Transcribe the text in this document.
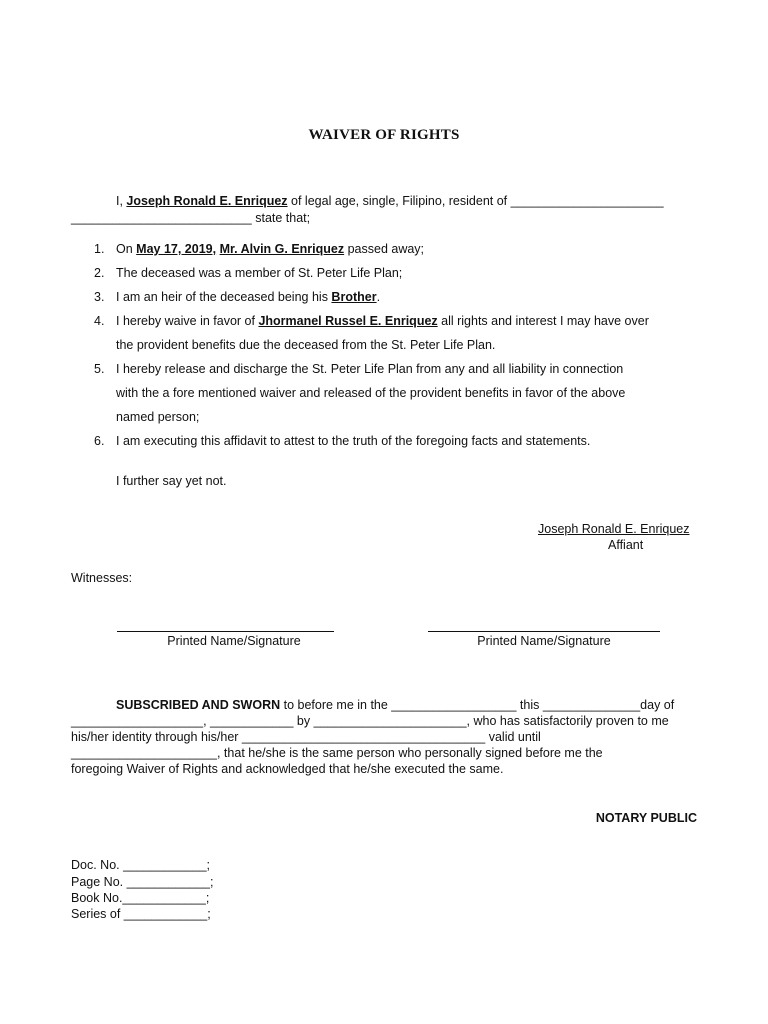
WAIVER OF RIGHTS
I, Joseph Ronald E. Enriquez of legal age, single, Filipino, resident of ______________________
__________________________ state that;
1. On May 17, 2019, Mr. Alvin G. Enriquez passed away;
2. The deceased was a member of St. Peter Life Plan;
3. I am an heir of the deceased being his Brother.
4. I hereby waive in favor of Jhormanel Russel E. Enriquez all rights and interest I may have over
the provident benefits due the deceased from the St. Peter Life Plan.
5. I hereby release and discharge the St. Peter Life Plan from any and all liability in connection
with the a fore mentioned waiver and released of the provident benefits in favor of the above
named person;
6. I am executing this affidavit to attest to the truth of the foregoing facts and statements.
I further say yet not.
Joseph Ronald E. Enriquez
Affiant
Witnesses:
Printed Name/Signature	Printed Name/Signature
SUBSCRIBED AND SWORN to before me in the __________________ this ______________day of
___________________, ____________ by ______________________, who has satisfactorily proven to me
his/her identity through his/her ___________________________________ valid until
_____________________, that he/she is the same person who personally signed before me the
foregoing Waiver of Rights and acknowledged that he/she executed the same.
NOTARY PUBLIC
Doc. No. ____________;
Page No. ____________;
Book No.____________;
Series of ____________;
